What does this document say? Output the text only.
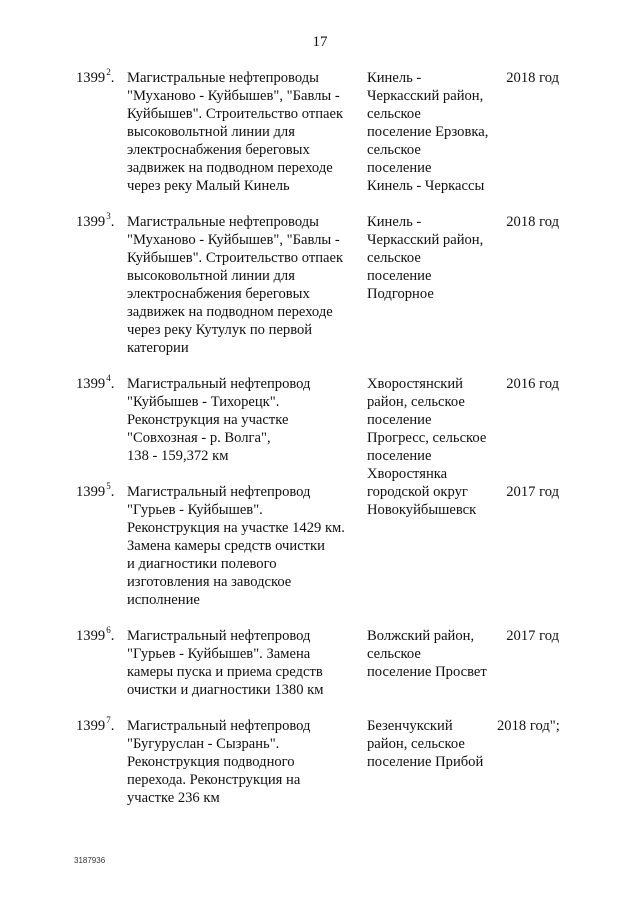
17
1399$^2$. Магистральные нефтепроводы
"Муханово - Куйбышев", "Бавлы -
Куйбышев". Строительство отпаек
высоковольтной линии для
электроснабжения береговых
задвижек на подводном переходе
через реку Малый Кинель
Кинель -
Черкасский район,
сельское
поселение Ерзовка,
сельское
поселение
Кинель - Черкассы
2018 год
1399$^3$. Магистральные нефтепроводы
"Муханово - Куйбышев", "Бавлы -
Куйбышев". Строительство отпаек
высоковольтной линии для
электроснабжения береговых
задвижек на подводном переходе
через реку Кутулук по первой
категории
Кинель -
Черкасский район,
сельское
поселение
Подгорное
2018 год
1399$^4$. Магистральный нефтепровод
"Куйбышев - Тихорецк".
Реконструкция на участке
"Совхозная - р. Волга",
138 - 159,372 км
Хворостянский
район, сельское
поселение
Прогресс, сельское
поселение
Хворостянка
2016 год
1399$^5$. Магистральный нефтепровод
"Гурьев - Куйбышев".
Реконструкция на участке 1429 км.
Замена камеры средств очистки
и диагностики полевого
изготовления на заводское
исполнение
городской округ
Новокуйбышевск
2017 год
1399$^6$. Магистральный нефтепровод
"Гурьев - Куйбышев". Замена
камеры пуска и приема средств
очистки и диагностики 1380 км
Волжский район,
сельское
поселение Просвет
2017 год
1399$^7$. Магистральный нефтепровод
"Бугуруслан - Сызрань".
Реконструкция подводного
перехода. Реконструкция на
участке 236 км
Безенчукский
район, сельское
поселение Прибой
2018 год";
3187936
